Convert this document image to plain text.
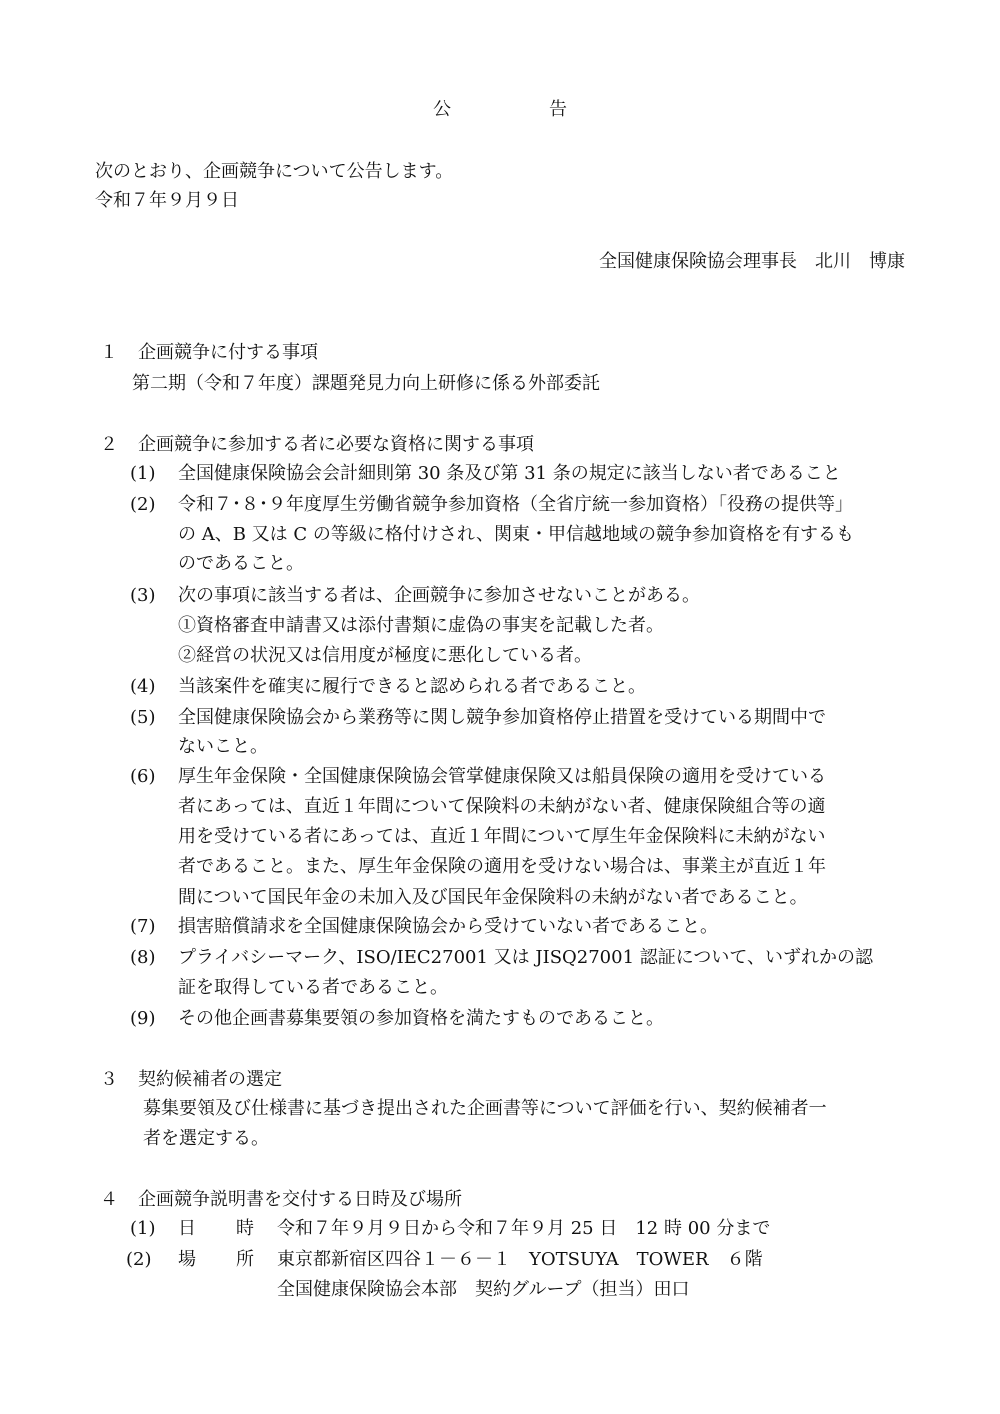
公	告
次のとおり、企画競争について公告します。
令和７年９月９日
全国健康保険協会理事長　北川　博康
１ 企画競争に付する事項
第二期（令和７年度）課題発見力向上研修に係る外部委託
２ 企画競争に参加する者に必要な資格に関する事項
(1) 全国健康保険協会会計細則第 30 条及び第 31 条の規定に該当しない者であること
(2) 令和７･８･９年度厚生労働省競争参加資格（全省庁統一参加資格）「役務の提供等」
の A、B 又は C の等級に格付けされ、関東・甲信越地域の競争参加資格を有するも
のであること。
(3) 次の事項に該当する者は、企画競争に参加させないことがある。
①資格審査申請書又は添付書類に虚偽の事実を記載した者。
②経営の状況又は信用度が極度に悪化している者。
(4) 当該案件を確実に履行できると認められる者であること。
(5) 全国健康保険協会から業務等に関し競争参加資格停止措置を受けている期間中で
ないこと。
(6) 厚生年金保険・全国健康保険協会管掌健康保険又は船員保険の適用を受けている
者にあっては、直近１年間について保険料の未納がない者、健康保険組合等の適
用を受けている者にあっては、直近１年間について厚生年金保険料に未納がない
者であること。また、厚生年金保険の適用を受けない場合は、事業主が直近１年
間について国民年金の未加入及び国民年金保険料の未納がない者であること。
(7) 損害賠償請求を全国健康保険協会から受けていない者であること。
(8) プライバシーマーク、ISO/IEC27001 又は JISQ27001 認証について、いずれかの認
証を取得している者であること。
(9) その他企画書募集要領の参加資格を満たすものであること。
３ 契約候補者の選定
募集要領及び仕様書に基づき提出された企画書等について評価を行い、契約候補者一
者を選定する。
４ 企画競争説明書を交付する日時及び場所
(1) 日 時 令和７年９月９日から令和７年９月 25 日　12 時 00 分まで
(2) 場 所 東京都新宿区四谷１－６－１　YOTSUYA　TOWER　６階
全国健康保険協会本部　契約グループ（担当）田口
